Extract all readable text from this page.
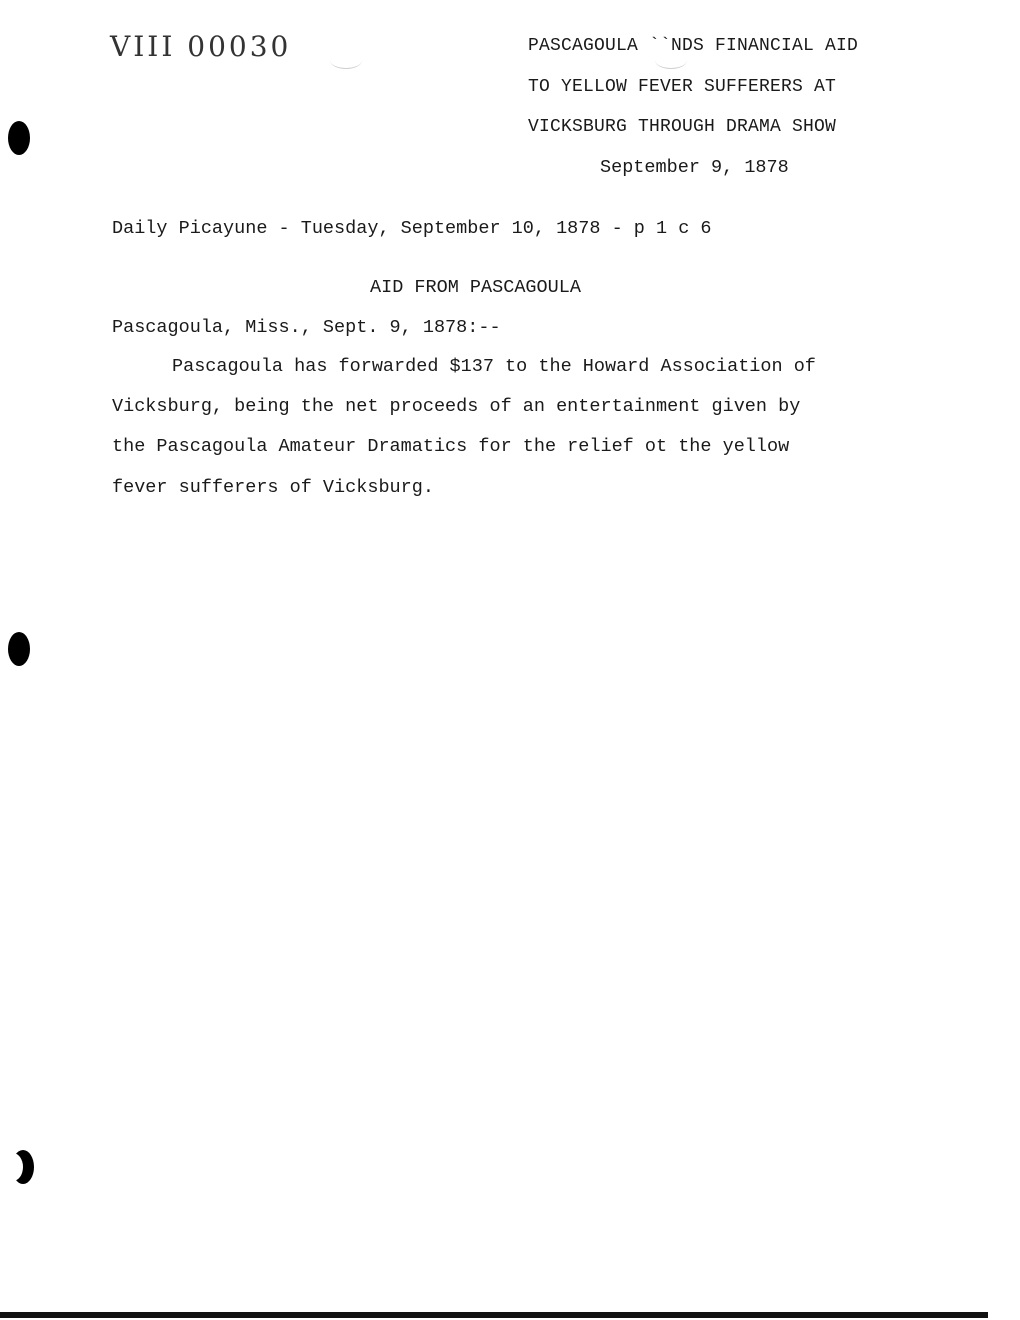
VIII 00030	PASCAGOULA ``NDS FINANCIAL AID
TO YELLOW FEVER SUFFERERS AT
VICKSBURG THROUGH DRAMA SHOW
September 9, 1878
Daily Picayune - Tuesday, September 10, 1878 - p 1 c 6
AID FROM PASCAGOULA
Pascagoula, Miss., Sept. 9, 1878:--
Pascagoula has forwarded $137 to the Howard Association of
Vicksburg, being the net proceeds of an entertainment given by
the Pascagoula Amateur Dramatics for the relief ot the yellow
fever sufferers of Vicksburg.
